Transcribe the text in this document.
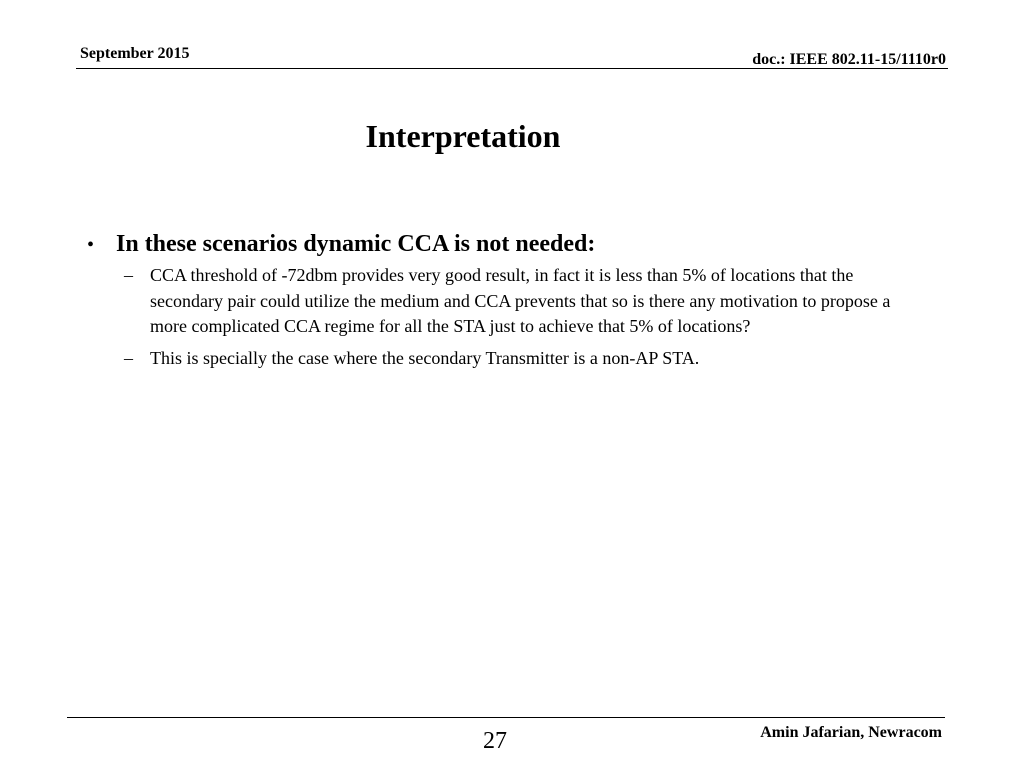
September 2015	doc.: IEEE 802.11-15/1110r0
Interpretation
• In these scenarios dynamic CCA is not needed:
– CCA threshold of -72dbm provides very good result, in fact it is less than 5% of locations that the secondary pair could utilize the medium and CCA prevents that so is there any motivation to propose a more complicated CCA regime for all the STA just to achieve that 5% of locations?
– This is specially the case where the secondary Transmitter is a non-AP STA.
27	Amin Jafarian, Newracom
